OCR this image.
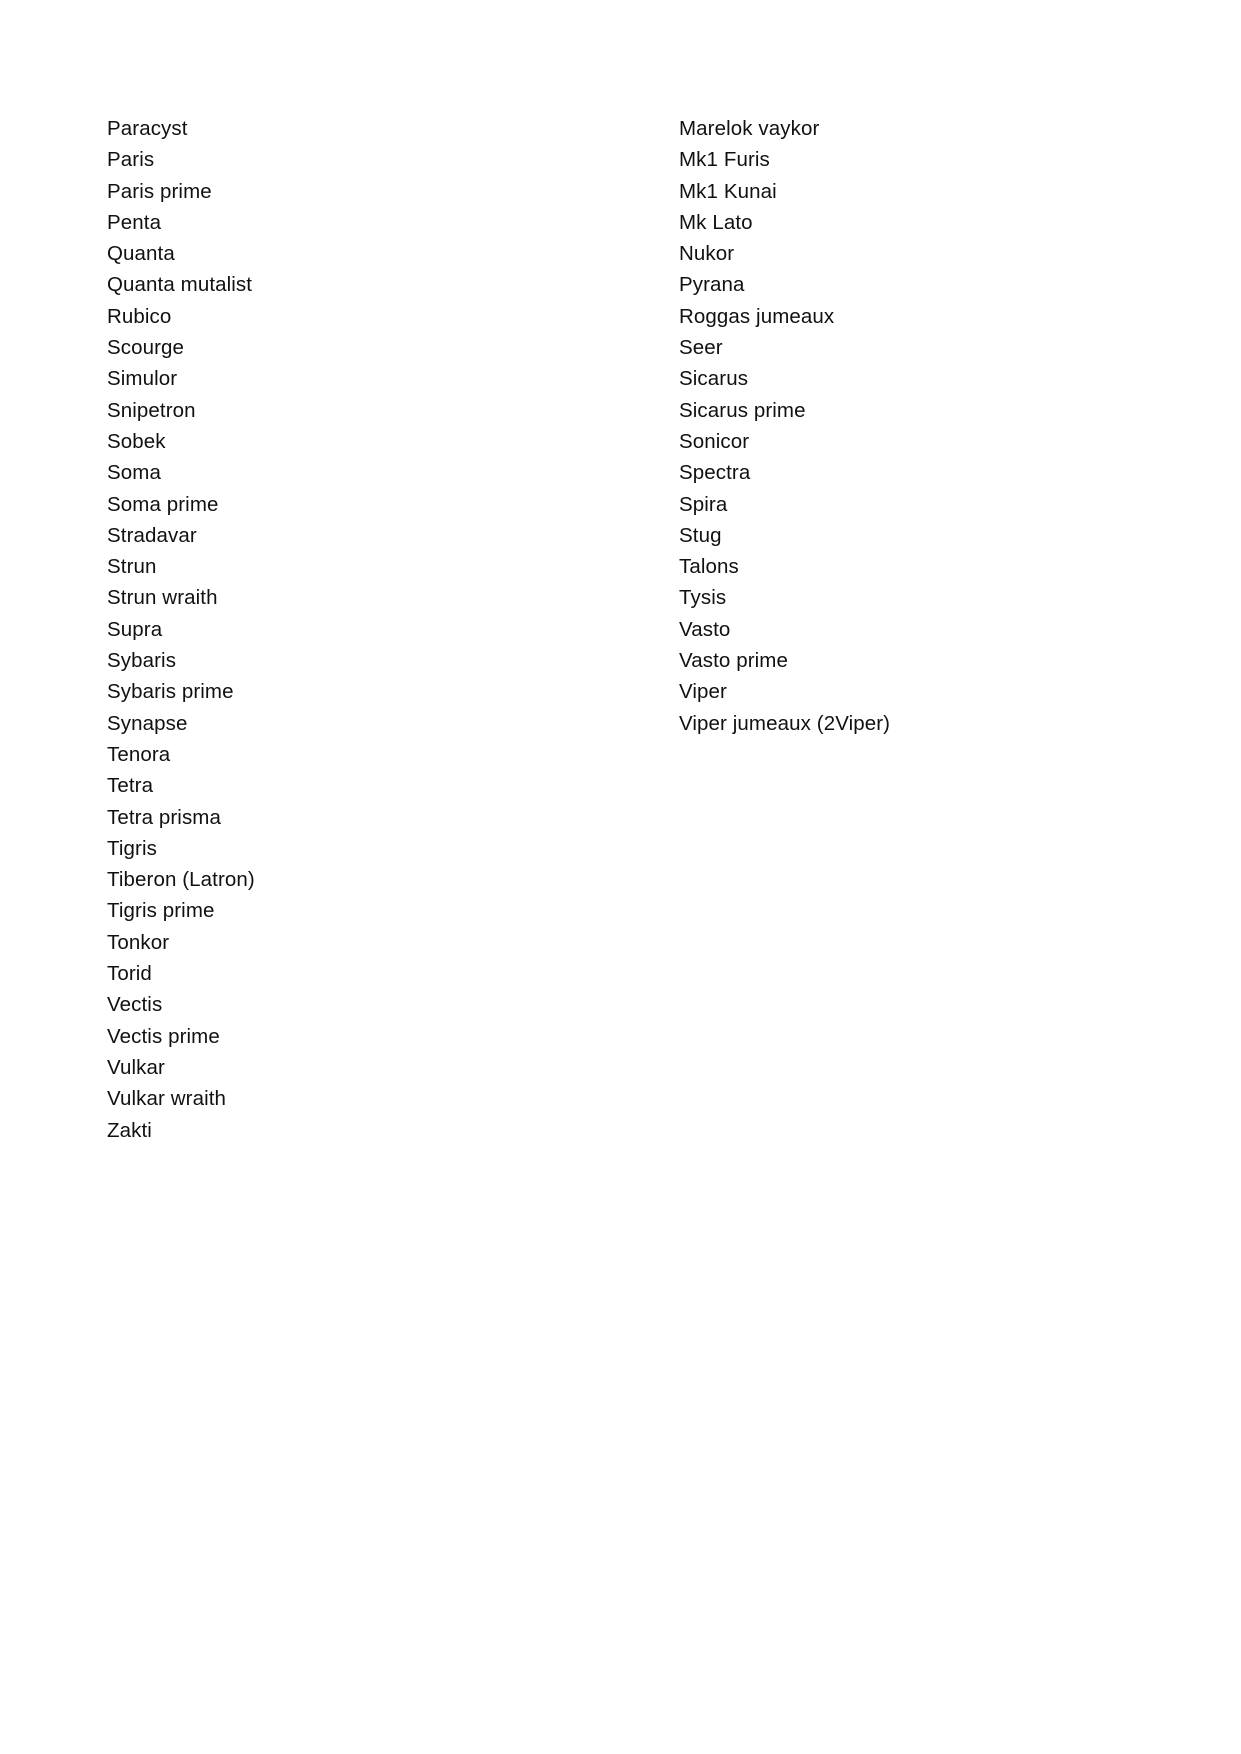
Paracyst
Paris
Paris prime
Penta
Quanta
Quanta mutalist
Rubico
Scourge
Simulor
Snipetron
Sobek
Soma
Soma prime
Stradavar
Strun
Strun wraith
Supra
Sybaris
Sybaris prime
Synapse
Tenora
Tetra
Tetra prisma
Tigris
Tiberon (Latron)
Tigris prime
Tonkor
Torid
Vectis
Vectis prime
Vulkar
Vulkar wraith
Zakti
Marelok vaykor
Mk1 Furis
Mk1 Kunai
Mk Lato
Nukor
Pyrana
Roggas jumeaux
Seer
Sicarus
Sicarus prime
Sonicor
Spectra
Spira
Stug
Talons
Tysis
Vasto
Vasto prime
Viper
Viper jumeaux (2Viper)
